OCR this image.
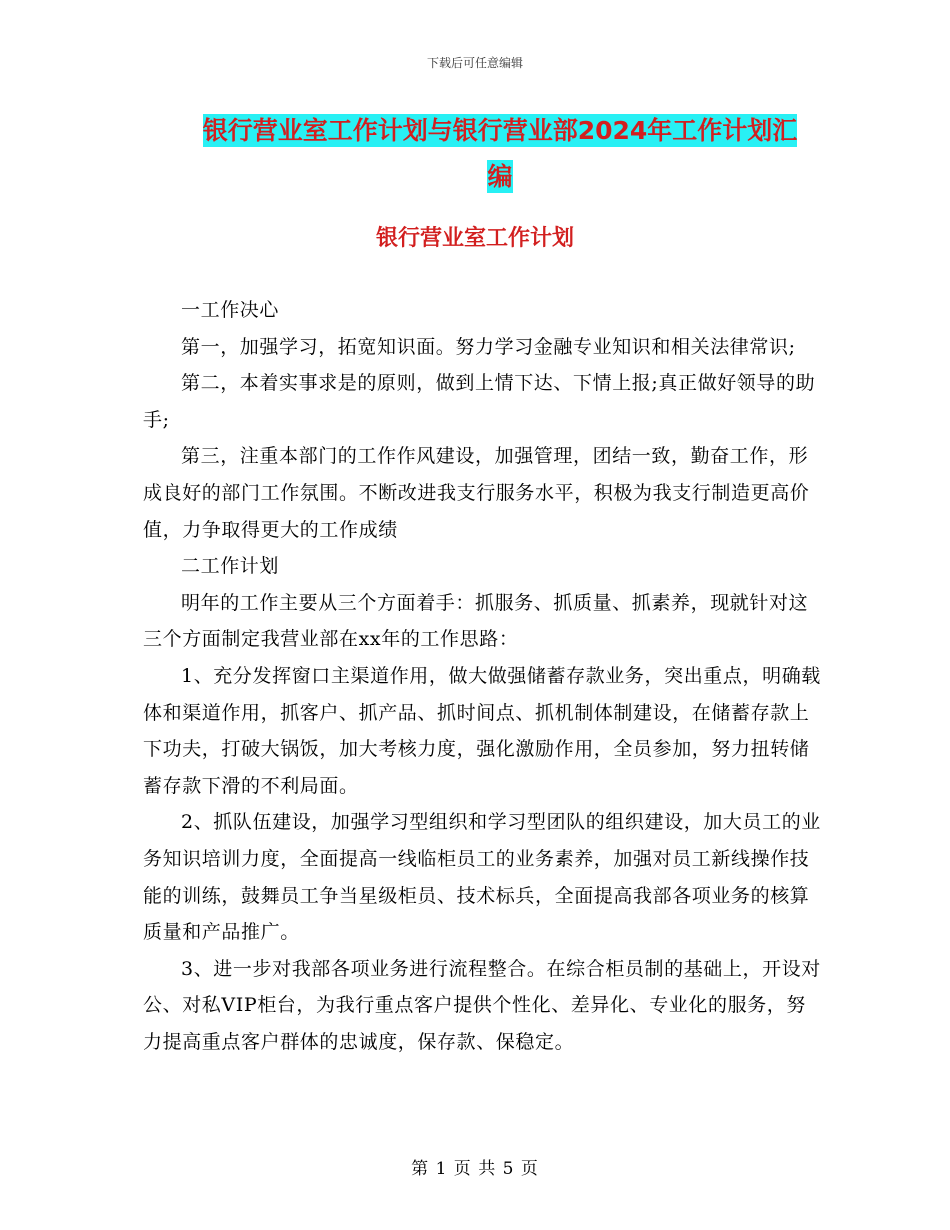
下载后可任意编辑
银行营业室工作计划与银行营业部2024年工作计划汇
编
银行营业室工作计划

一工作决心

第一，加强学习，拓宽知识面。努力学习金融专业知识和相关法律常识;

第二，本着实事求是的原则，做到上情下达、下情上报;真正做好领导的助手;

第三，注重本部门的工作作风建设，加强管理，团结一致，勤奋工作，形成良好的部门工作氛围。不断改进我支行服务水平，积极为我支行制造更高价值，力争取得更大的工作成绩

二工作计划

明年的工作主要从三个方面着手：抓服务、抓质量、抓素养，现就针对这三个方面制定我营业部在xx年的工作思路：

1、充分发挥窗口主渠道作用，做大做强储蓄存款业务，突出重点，明确载体和渠道作用，抓客户、抓产品、抓时间点、抓机制体制建设，在储蓄存款上下功夫，打破大锅饭，加大考核力度，强化激励作用，全员参加，努力扭转储蓄存款下滑的不利局面。

2、抓队伍建设，加强学习型组织和学习型团队的组织建设，加大员工的业务知识培训力度，全面提高一线临柜员工的业务素养，加强对员工新线操作技能的训练，鼓舞员工争当星级柜员、技术标兵，全面提高我部各项业务的核算质量和产品推广。

3、进一步对我部各项业务进行流程整合。在综合柜员制的基础上，开设对公、对私VIP柜台，为我行重点客户提供个性化、差异化、专业化的服务，努力提高重点客户群体的忠诚度，保存款、保稳定。

第 1 页 共 5 页
